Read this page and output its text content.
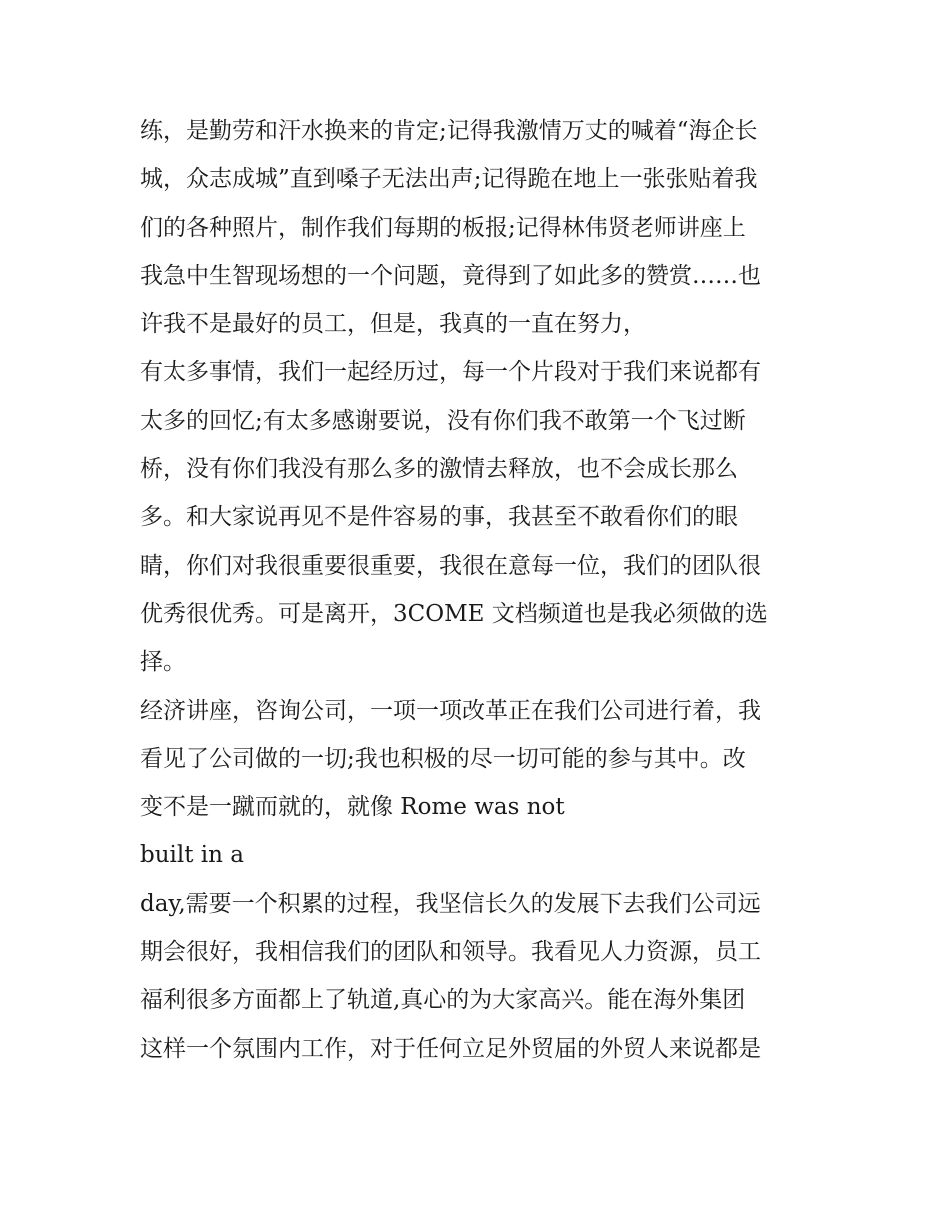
练，是勤劳和汗水换来的肯定;记得我激情万丈的喊着“海企长
城，众志成城”直到嗓子无法出声;记得跪在地上一张张贴着我
们的各种照片，制作我们每期的板报;记得林伟贤老师讲座上
我急中生智现场想的一个问题，竟得到了如此多的赞赏……也
许我不是最好的员工，但是，我真的一直在努力，
有太多事情，我们一起经历过，每一个片段对于我们来说都有
太多的回忆;有太多感谢要说，没有你们我不敢第一个飞过断
桥，没有你们我没有那么多的激情去释放，也不会成长那么
多。和大家说再见不是件容易的事，我甚至不敢看你们的眼
睛，你们对我很重要很重要，我很在意每一位，我们的团队很
优秀很优秀。可是离开，3COME 文档频道也是我必须做的选
择。
经济讲座，咨询公司，一项一项改革正在我们公司进行着，我
看见了公司做的一切;我也积极的尽一切可能的参与其中。改
变不是一蹴而就的，就像 Rome was not
built in a
day,需要一个积累的过程，我坚信长久的发展下去我们公司远
期会很好，我相信我们的团队和领导。我看见人力资源，员工
福利很多方面都上了轨道,真心的为大家高兴。能在海外集团
这样一个氛围内工作，对于任何立足外贸届的外贸人来说都是
